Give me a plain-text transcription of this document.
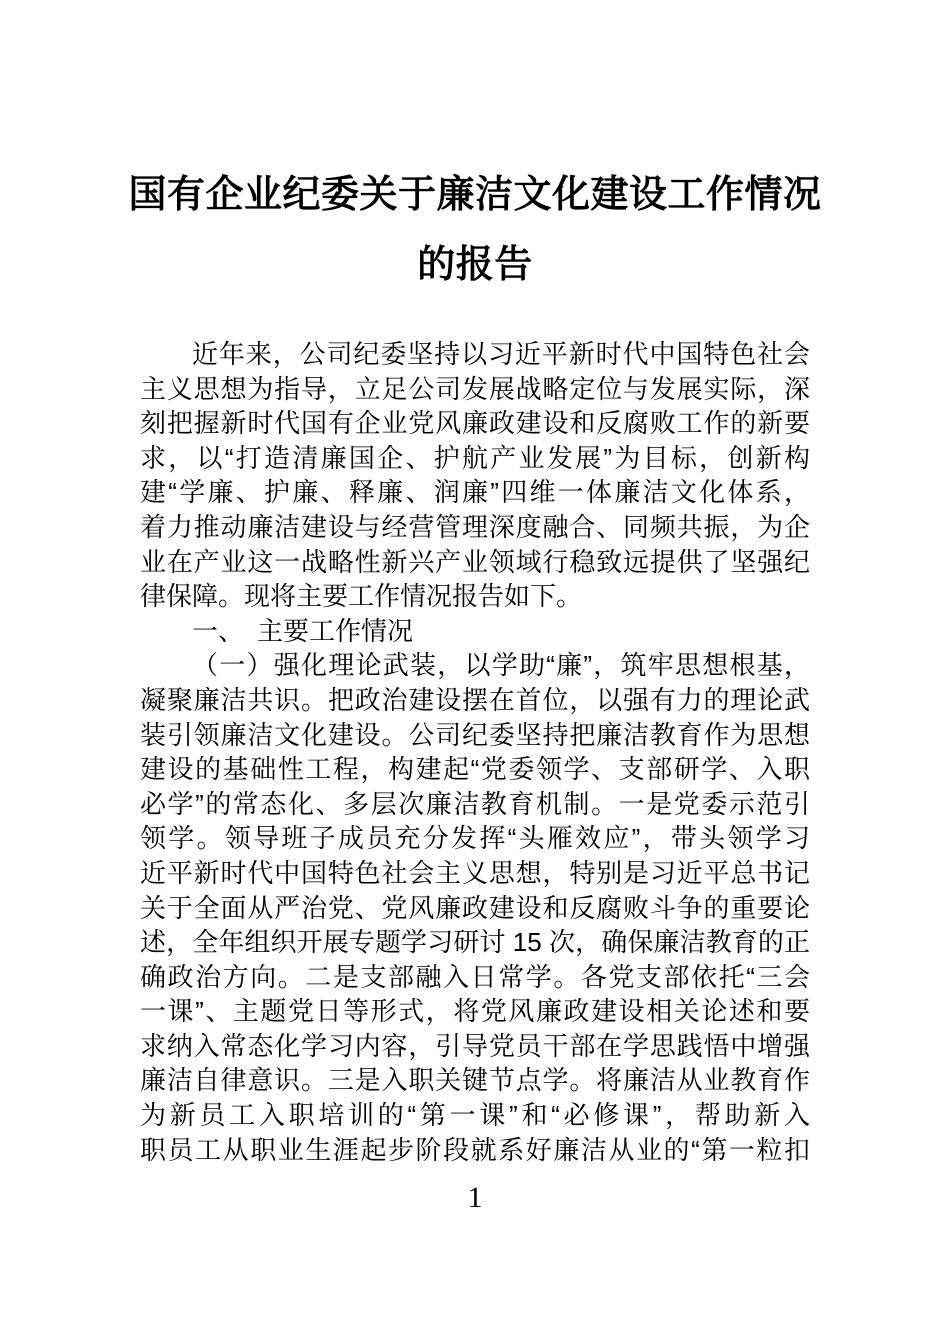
国有企业纪委关于廉洁文化建设工作情况
的报告
近年来，公司纪委坚持以习近平新时代中国特色社会
主义思想为指导，立足公司发展战略定位与发展实际，深
刻把握新时代国有企业党风廉政建设和反腐败工作的新要
求，以“打造清廉国企、护航产业发展”为目标，创新构
建“学廉、护廉、释廉、润廉”四维一体廉洁文化体系，
着力推动廉洁建设与经营管理深度融合、同频共振，为企
业在产业这一战略性新兴产业领域行稳致远提供了坚强纪
律保障。现将主要工作情况报告如下。
一、　主要工作情况
（一）强化理论武装，以学助“廉”，筑牢思想根基，
凝聚廉洁共识。把政治建设摆在首位，以强有力的理论武
装引领廉洁文化建设。公司纪委坚持把廉洁教育作为思想
建设的基础性工程，构建起“党委领学、支部研学、入职
必学”的常态化、多层次廉洁教育机制。一是党委示范引
领学。领导班子成员充分发挥“头雁效应”，带头领学习
近平新时代中国特色社会主义思想，特别是习近平总书记
关于全面从严治党、党风廉政建设和反腐败斗争的重要论
述，全年组织开展专题学习研讨 15 次，确保廉洁教育的正
确政治方向。二是支部融入日常学。各党支部依托“三会
一课”、主题党日等形式，将党风廉政建设相关论述和要
求纳入常态化学习内容，引导党员干部在学思践悟中增强
廉洁自律意识。三是入职关键节点学。将廉洁从业教育作
为新员工入职培训的“第一课”和“必修课”，帮助新入
职员工从职业生涯起步阶段就系好廉洁从业的“第一粒扣
1
